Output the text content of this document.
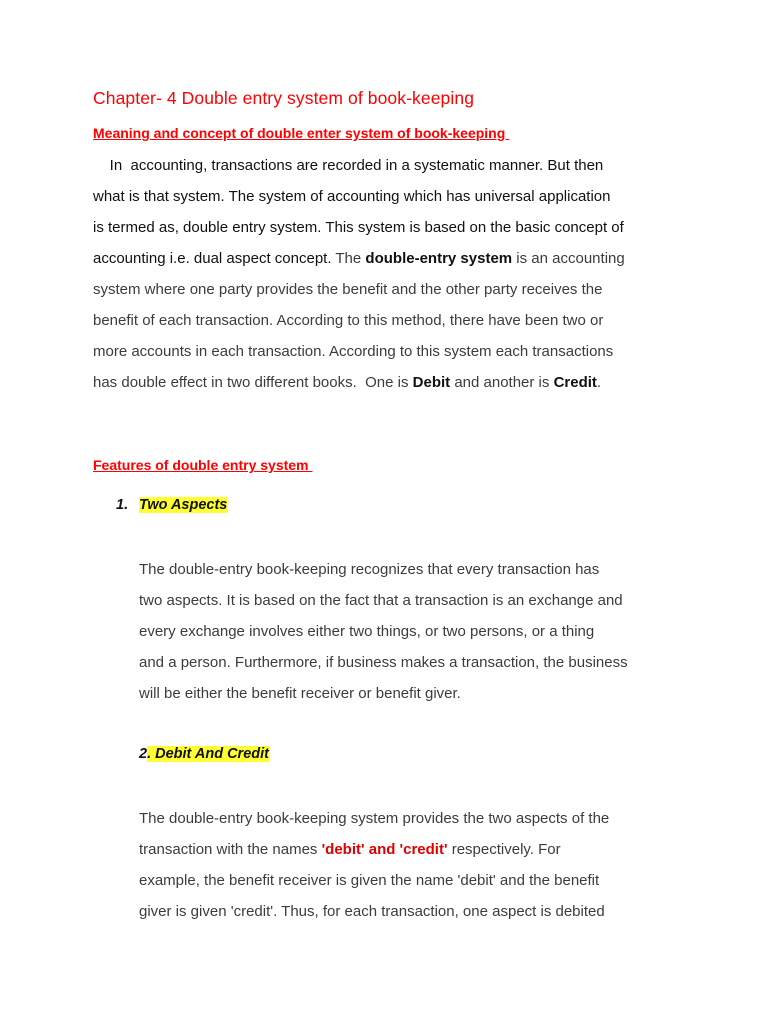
Chapter- 4 Double entry system of book-keeping
Meaning and concept of double enter system of book-keeping
In  accounting, transactions are recorded in a systematic manner. But then
what is that system. The system of accounting which has universal application
is termed as, double entry system. This system is based on the basic concept of
accounting i.e. dual aspect concept. The double-entry system is an accounting
system where one party provides the benefit and the other party receives the
benefit of each transaction. According to this method, there have been two or
more accounts in each transaction. According to this system each transactions
has double effect in two different books.  One is Debit and another is Credit.
Features of double entry system
1. Two Aspects
The double-entry book-keeping recognizes that every transaction has
two aspects. It is based on the fact that a transaction is an exchange and
every exchange involves either two things, or two persons, or a thing
and a person. Furthermore, if business makes a transaction, the business
will be either the benefit receiver or benefit giver.
2. Debit And Credit
The double-entry book-keeping system provides the two aspects of the
transaction with the names 'debit' and 'credit' respectively. For
example, the benefit receiver is given the name 'debit' and the benefit
giver is given 'credit'. Thus, for each transaction, one aspect is debited
